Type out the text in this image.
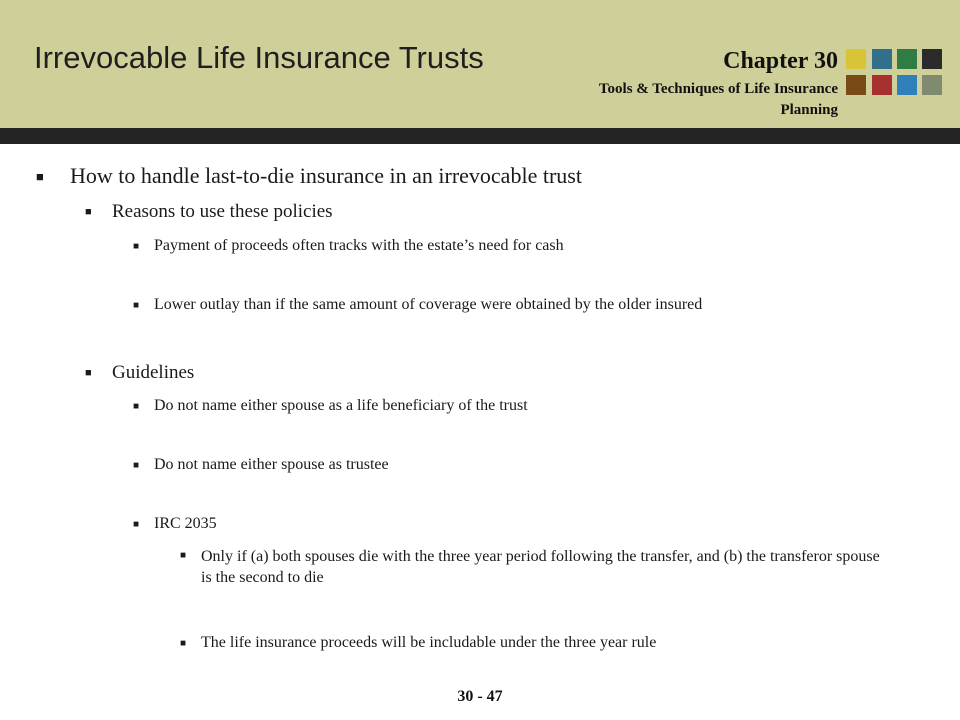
Irrevocable Life Insurance Trusts	Chapter 30
Tools & Techniques of Life Insurance Planning
■ How to handle last-to-die insurance in an irrevocable trust
■ Reasons to use these policies
■ Payment of proceeds often tracks with the estate’s need for cash
■ Lower outlay than if the same amount of coverage were obtained by the older insured
■ Guidelines
■ Do not name either spouse as a life beneficiary of the trust
■ Do not name either spouse as trustee
■ IRC 2035
■ Only if (a) both spouses die with the three year period following the transfer, and (b) the transferor spouse is the second to die
■ The life insurance proceeds will be includable under the three year rule
30 - 47
